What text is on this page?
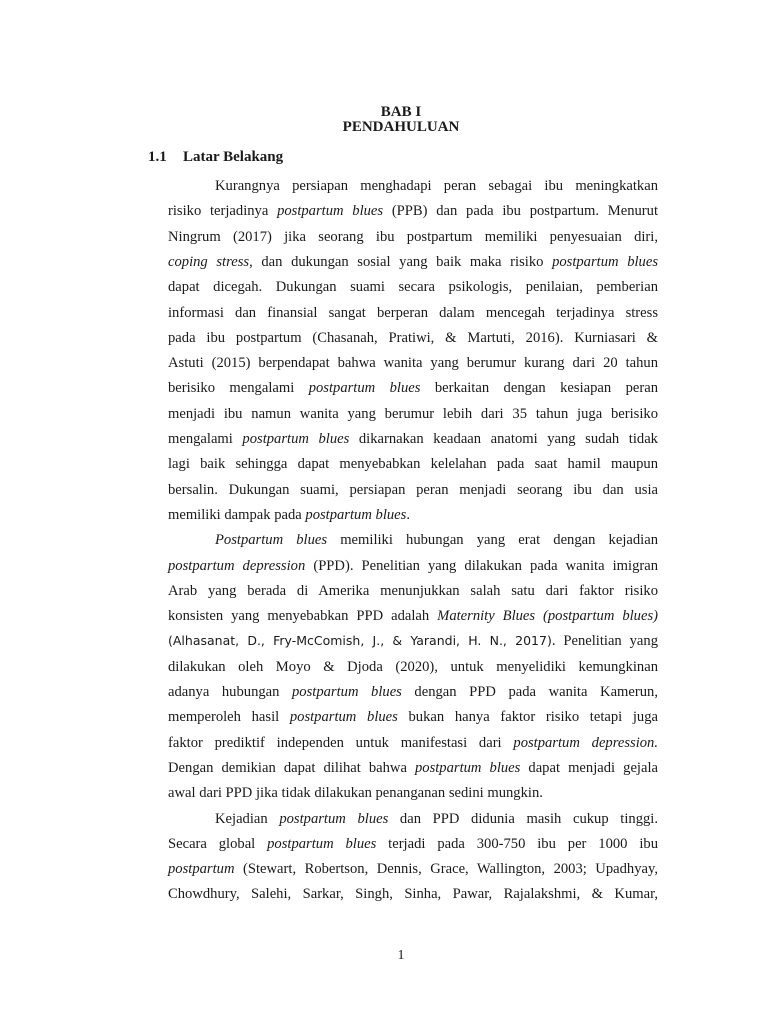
BAB I
PENDAHULUAN
1.1 Latar Belakang
Kurangnya persiapan menghadapi peran sebagai ibu meningkatkan
risiko terjadinya postpartum blues (PPB) dan pada ibu postpartum. Menurut
Ningrum (2017) jika seorang ibu postpartum memiliki penyesuaian diri,
coping stress, dan dukungan sosial yang baik maka risiko postpartum blues
dapat dicegah. Dukungan suami secara psikologis, penilaian, pemberian
informasi dan finansial sangat berperan dalam mencegah terjadinya stress
pada ibu postpartum (Chasanah, Pratiwi, & Martuti, 2016). Kurniasari &
Astuti (2015) berpendapat bahwa wanita yang berumur kurang dari 20 tahun
berisiko mengalami postpartum blues berkaitan dengan kesiapan peran
menjadi ibu namun wanita yang berumur lebih dari 35 tahun juga berisiko
mengalami postpartum blues dikarnakan keadaan anatomi yang sudah tidak
lagi baik sehingga dapat menyebabkan kelelahan pada saat hamil maupun
bersalin. Dukungan suami, persiapan peran menjadi seorang ibu dan usia
memiliki dampak pada postpartum blues.
Postpartum blues memiliki hubungan yang erat dengan kejadian
postpartum depression (PPD). Penelitian yang dilakukan pada wanita imigran
Arab yang berada di Amerika menunjukkan salah satu dari faktor risiko
konsisten yang menyebabkan PPD adalah Maternity Blues (postpartum blues)
(Alhasanat, D., Fry-McComish, J., & Yarandi, H. N., 2017). Penelitian yang
dilakukan oleh Moyo & Djoda (2020), untuk menyelidiki kemungkinan
adanya hubungan postpartum blues dengan PPD pada wanita Kamerun,
memperoleh hasil postpartum blues bukan hanya faktor risiko tetapi juga
faktor prediktif independen untuk manifestasi dari postpartum depression.
Dengan demikian dapat dilihat bahwa postpartum blues dapat menjadi gejala
awal dari PPD jika tidak dilakukan penanganan sedini mungkin.
Kejadian postpartum blues dan PPD didunia masih cukup tinggi.
Secara global postpartum blues terjadi pada 300-750 ibu per 1000 ibu
postpartum (Stewart, Robertson, Dennis, Grace, Wallington, 2003; Upadhyay,
Chowdhury, Salehi, Sarkar, Singh, Sinha, Pawar, Rajalakshmi, & Kumar,
1
